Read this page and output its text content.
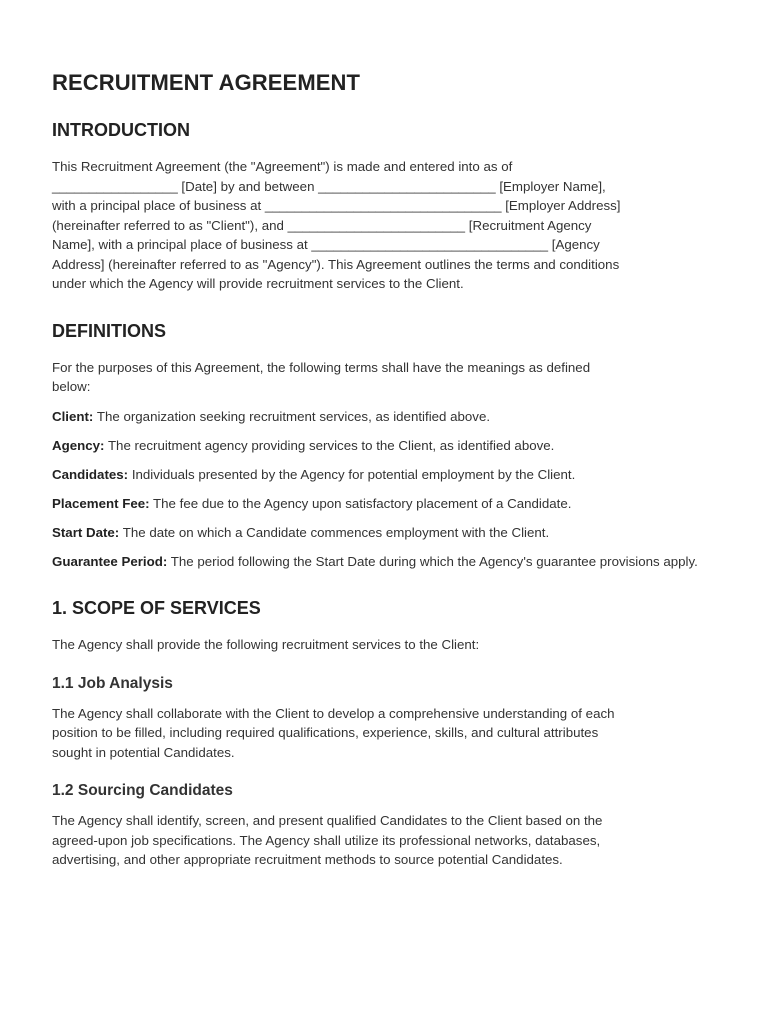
RECRUITMENT AGREEMENT
INTRODUCTION

This Recruitment Agreement (the "Agreement") is made and entered into as of
_________________ [Date] by and between ________________________ [Employer Name],
with a principal place of business at ________________________________ [Employer Address]
(hereinafter referred to as "Client"), and ________________________ [Recruitment Agency
Name], with a principal place of business at ________________________________ [Agency
Address] (hereinafter referred to as "Agency"). This Agreement outlines the terms and conditions
under which the Agency will provide recruitment services to the Client.

DEFINITIONS

For the purposes of this Agreement, the following terms shall have the meanings as defined
below:

Client: The organization seeking recruitment services, as identified above.

Agency: The recruitment agency providing services to the Client, as identified above.

Candidates: Individuals presented by the Agency for potential employment by the Client.

Placement Fee: The fee due to the Agency upon satisfactory placement of a Candidate.

Start Date: The date on which a Candidate commences employment with the Client.

Guarantee Period: The period following the Start Date during which the Agency's guarantee provisions apply.

1. SCOPE OF SERVICES

The Agency shall provide the following recruitment services to the Client:

1.1 Job Analysis

The Agency shall collaborate with the Client to develop a comprehensive understanding of each
position to be filled, including required qualifications, experience, skills, and cultural attributes
sought in potential Candidates.

1.2 Sourcing Candidates

The Agency shall identify, screen, and present qualified Candidates to the Client based on the
agreed-upon job specifications. The Agency shall utilize its professional networks, databases,
advertising, and other appropriate recruitment methods to source potential Candidates.
